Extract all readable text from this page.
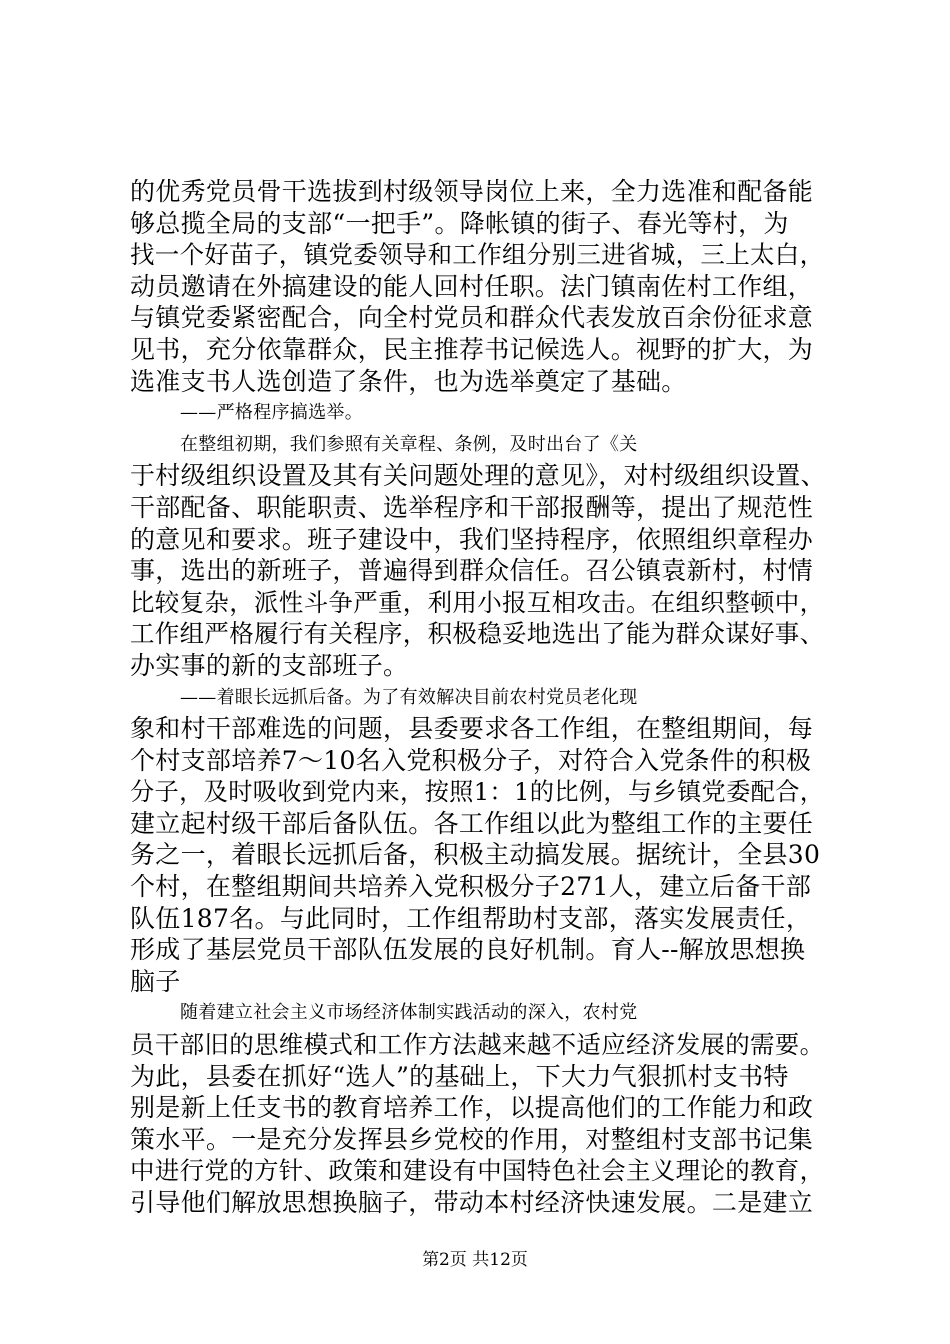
的优秀党员骨干选拔到村级领导岗位上来，全力选准和配备能
够总揽全局的支部“一把手”。降帐镇的街子、春光等村，为
找一个好苗子，镇党委领导和工作组分别三进省城，三上太白，
动员邀请在外搞建设的能人回村任职。法门镇南佐村工作组，
与镇党委紧密配合，向全村党员和群众代表发放百余份征求意
见书，充分依靠群众，民主推荐书记候选人。视野的扩大，为
选准支书人选创造了条件，也为选举奠定了基础。
——严格程序搞选举。
在整组初期，我们参照有关章程、条例，及时出台了《关
于村级组织设置及其有关问题处理的意见》，对村级组织设置、
干部配备、职能职责、选举程序和干部报酬等，提出了规范性
的意见和要求。班子建设中，我们坚持程序，依照组织章程办
事，选出的新班子，普遍得到群众信任。召公镇袁新村，村情
比较复杂，派性斗争严重，利用小报互相攻击。在组织整顿中，
工作组严格履行有关程序，积极稳妥地选出了能为群众谋好事、
办实事的新的支部班子。
——着眼长远抓后备。为了有效解决目前农村党员老化现
象和村干部难选的问题，县委要求各工作组，在整组期间，每
个村支部培养7～10名入党积极分子，对符合入党条件的积极
分子，及时吸收到党内来，按照1：1的比例，与乡镇党委配合，
建立起村级干部后备队伍。各工作组以此为整组工作的主要任
务之一，着眼长远抓后备，积极主动搞发展。据统计，全县30
个村，在整组期间共培养入党积极分子271人，建立后备干部
队伍187名。与此同时，工作组帮助村支部，落实发展责任，
形成了基层党员干部队伍发展的良好机制。育人--解放思想换
脑子
随着建立社会主义市场经济体制实践活动的深入，农村党
员干部旧的思维模式和工作方法越来越不适应经济发展的需要。
为此，县委在抓好“选人”的基础上，下大力气狠抓村支书特
别是新上任支书的教育培养工作，以提高他们的工作能力和政
策水平。一是充分发挥县乡党校的作用，对整组村支部书记集
中进行党的方针、政策和建设有中国特色社会主义理论的教育，
引导他们解放思想换脑子，带动本村经济快速发展。二是建立
第2页 共12页
